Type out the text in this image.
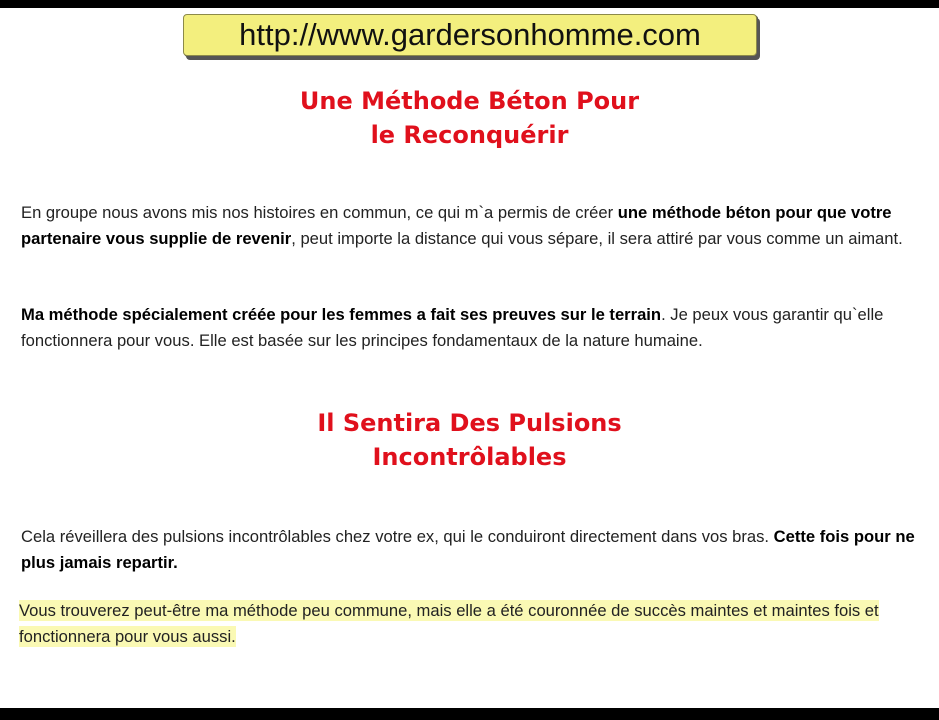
http://www.gardersonhomme.com
Une Méthode Béton Pour
le Reconquérir
En groupe nous avons mis nos histoires en commun, ce qui m`a permis de créer une méthode béton pour que votre partenaire vous supplie de revenir, peut importe la distance qui vous sépare, il sera attiré par vous comme un aimant.
Ma méthode spécialement créée pour les femmes a fait ses preuves sur le terrain. Je peux vous garantir qu`elle fonctionnera pour vous. Elle est basée sur les principes fondamentaux de la nature humaine.
Il Sentira Des Pulsions
Incontrôlables
Cela réveillera des pulsions incontrôlables chez votre ex, qui le conduiront directement dans vos bras. Cette fois pour ne plus jamais repartir.
Vous trouverez peut-être ma méthode peu commune, mais elle a été couronnée de succès maintes et maintes fois et fonctionnera pour vous aussi.
